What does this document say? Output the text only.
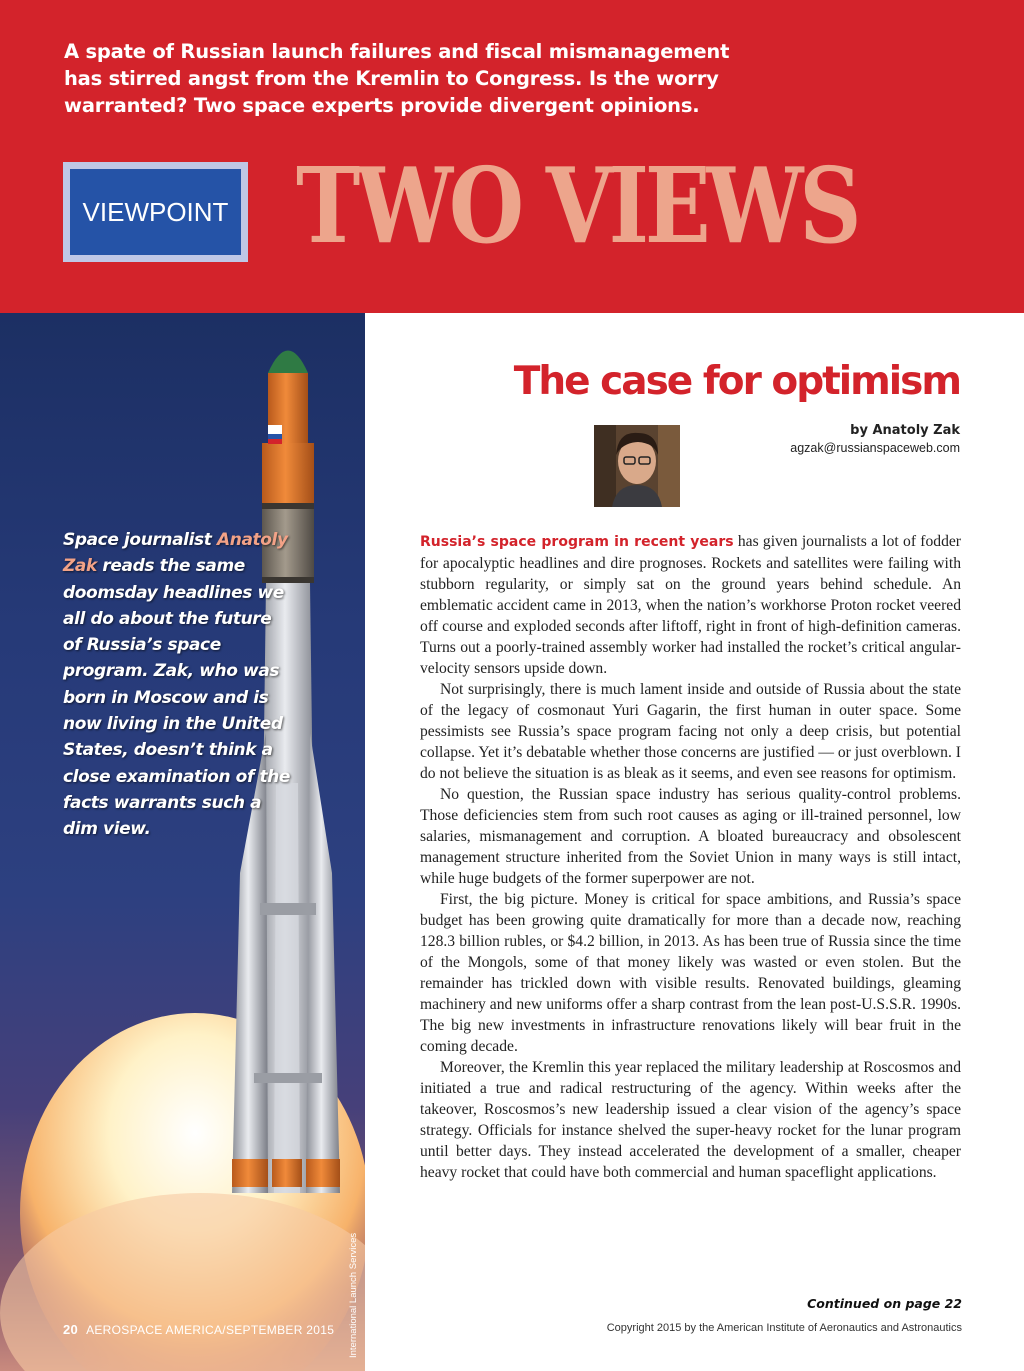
A spate of Russian launch failures and fiscal mismanagement has stirred angst from the Kremlin to Congress. Is the worry warranted? Two space experts provide divergent opinions.

VIEWPOINT TWO VIEWS

Space journalist Anatoly Zak reads the same doomsday headlines we all do about the future of Russia’s space program. Zak, who was born in Moscow and is now living in the United States, doesn’t think a close examination of the facts warrants such a dim view.

International Launch Services
20 AEROSPACE AMERICA/SEPTEMBER 2015
The case for optimism
by Anatoly Zak
agzak@russianspaceweb.com

Russia’s space program in recent years has given journalists a lot of fodder for apocalyptic headlines and dire prognoses. Rockets and satellites were failing with stubborn regularity, or simply sat on the ground years behind schedule. An emblematic accident came in 2013, when the nation’s workhorse Proton rocket veered off course and exploded seconds after liftoff, right in front of high-definition cameras. Turns out a poorly-trained assembly worker had installed the rocket’s critical angular-velocity sensors upside down.

Not surprisingly, there is much lament inside and outside of Russia about the state of the legacy of cosmonaut Yuri Gagarin, the first human in outer space. Some pessimists see Russia’s space program facing not only a deep crisis, but potential collapse. Yet it’s debatable whether those concerns are justified — or just overblown. I do not believe the situation is as bleak as it seems, and even see reasons for optimism.

No question, the Russian space industry has serious quality-control problems. Those deficiencies stem from such root causes as aging or ill-trained personnel, low salaries, mismanagement and corruption. A bloated bureaucracy and obsolescent management structure inherited from the Soviet Union in many ways is still intact, while huge budgets of the former superpower are not.

First, the big picture. Money is critical for space ambitions, and Russia’s space budget has been growing quite dramatically for more than a decade now, reaching 128.3 billion rubles, or $4.2 billion, in 2013. As has been true of Russia since the time of the Mongols, some of that money likely was wasted or even stolen. But the remainder has trickled down with visible results. Renovated buildings, gleaming machinery and new uniforms offer a sharp contrast from the lean post-U.S.S.R. 1990s. The big new investments in infrastructure renovations likely will bear fruit in the coming decade.

Moreover, the Kremlin this year replaced the military leadership at Roscosmos and initiated a true and radical restructuring of the agency. Within weeks after the takeover, Roscosmos’s new leadership issued a clear vision of the agency’s space strategy. Officials for instance shelved the super-heavy rocket for the lunar program until better days. They instead accelerated the development of a smaller, cheaper heavy rocket that could have both commercial and human spaceflight applications.

Continued on page 22
Copyright 2015 by the American Institute of Aeronautics and Astronautics
